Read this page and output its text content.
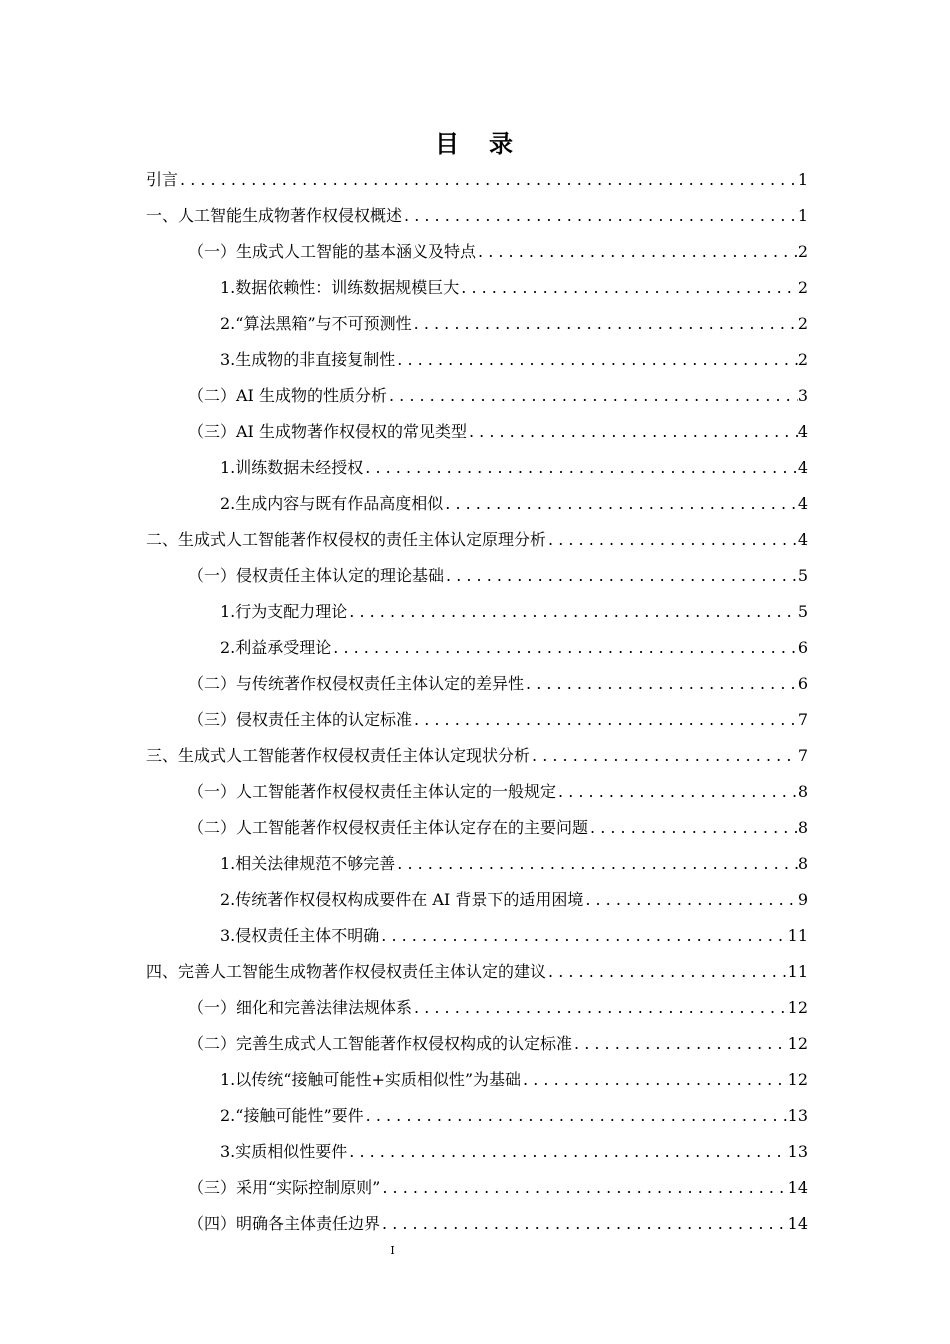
目 录
引言 . . .	1
一、人工智能生成物著作权侵权概述 . . .	1
（一）生成式人工智能的基本涵义及特点 . . .	2
1.数据依赖性：训练数据规模巨大 . . .	2
2.“算法黑箱”与不可预测性 . . .	2
3.生成物的非直接复制性 . . .	2
（二）AI 生成物的性质分析 . . .	3
（三）AI 生成物著作权侵权的常见类型 . . .	4
1.训练数据未经授权 . . .	4
2.生成内容与既有作品高度相似 . . .	4
二、生成式人工智能著作权侵权的责任主体认定原理分析 . . .	4
（一）侵权责任主体认定的理论基础 . . .	5
1.行为支配力理论 . . .	5
2.利益承受理论 . . .	6
（二）与传统著作权侵权责任主体认定的差异性 . . .	6
（三）侵权责任主体的认定标准 . . .	7
三、生成式人工智能著作权侵权责任主体认定现状分析 . . .	7
（一）人工智能著作权侵权责任主体认定的一般规定 . . .	8
（二）人工智能著作权侵权责任主体认定存在的主要问题 . . .	8
1.相关法律规范不够完善 . . .	8
2.传统著作权侵权构成要件在 AI 背景下的适用困境 . . .	9
3.侵权责任主体不明确 . . .	11
四、完善人工智能生成物著作权侵权责任主体认定的建议 . . .	11
（一）细化和完善法律法规体系 . . .	12
（二）完善生成式人工智能著作权侵权构成的认定标准 . . .	12
1.以传统“接触可能性+实质相似性”为基础 . . .	12
2.“接触可能性”要件 . . .	13
3.实质相似性要件 . . .	13
（三）采用“实际控制原则” . . .	14
（四）明确各主体责任边界 . . .	14
I
